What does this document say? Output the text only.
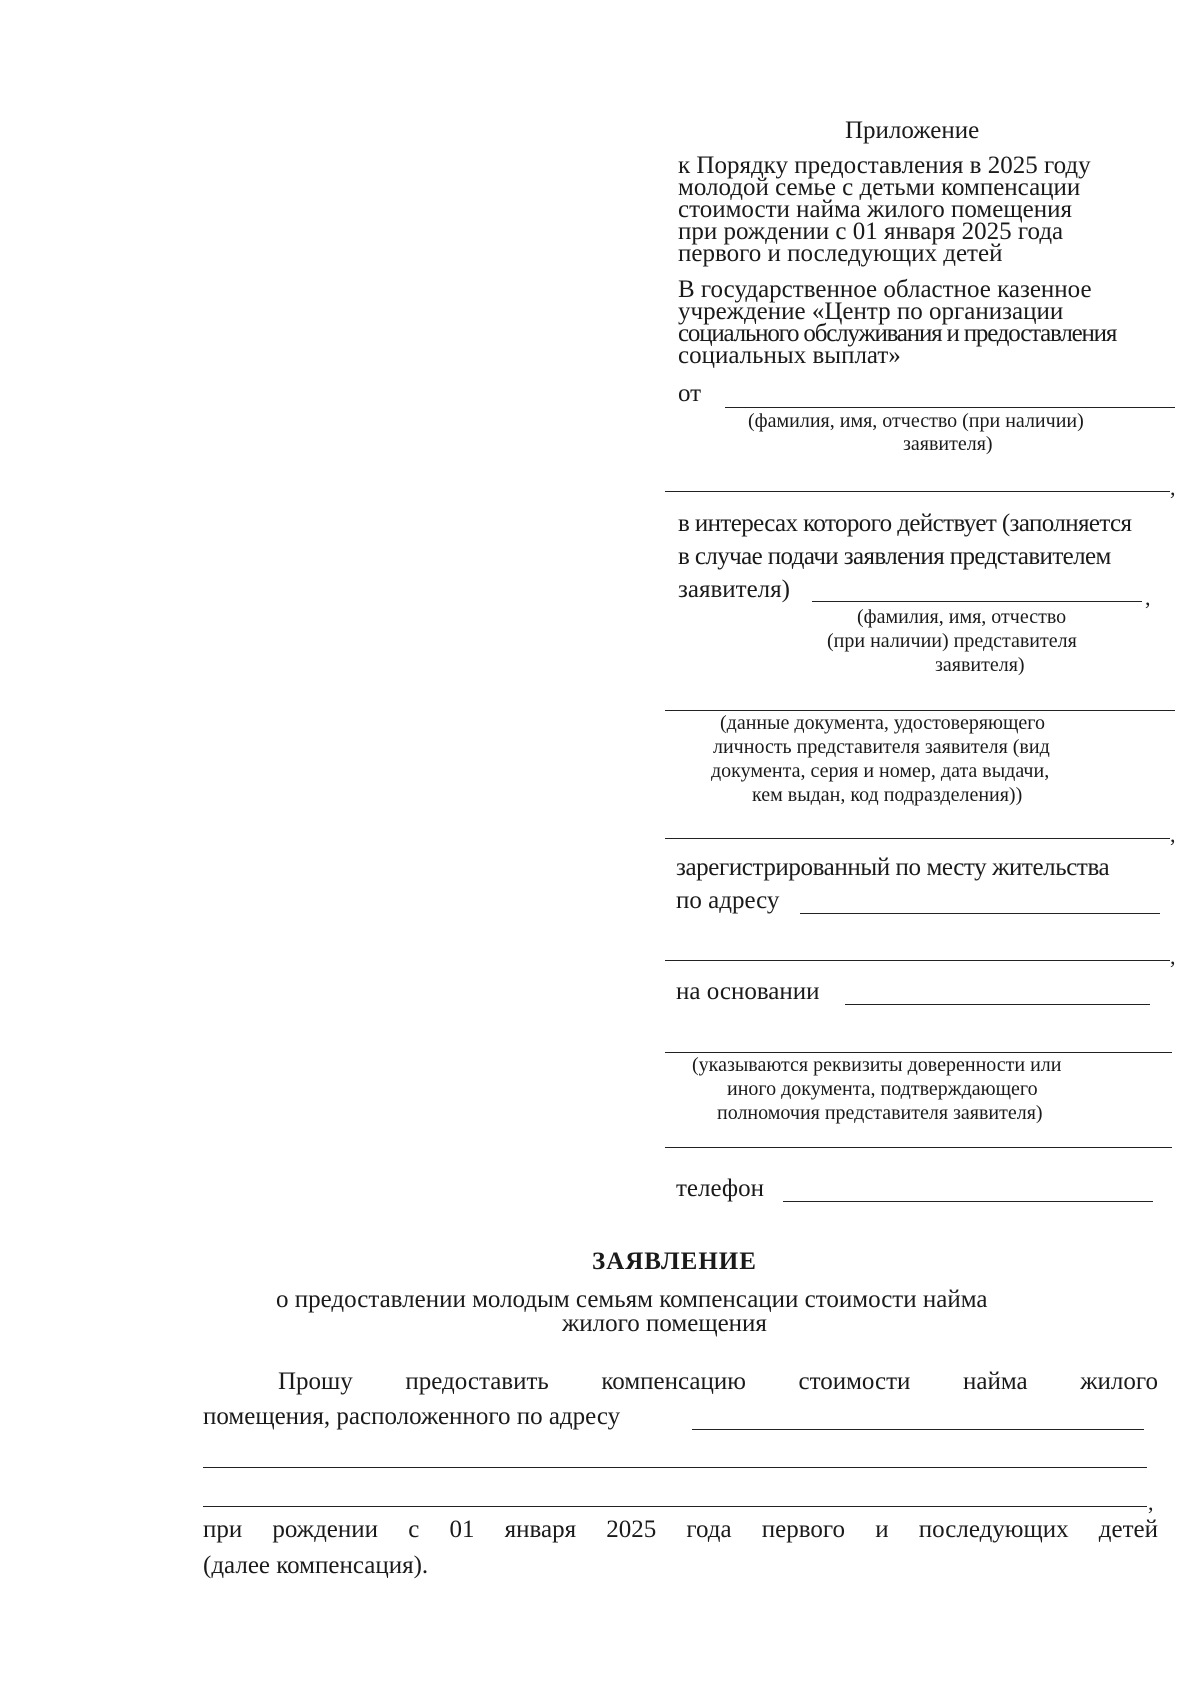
Приложение
к Порядку предоставления в 2025 году
молодой семье с детьми компенсации
стоимости найма жилого помещения
при рождении с 01 января 2025 года
первого и последующих детей
В государственное областное казенное
учреждение «Центр по организации
социального обслуживания и предоставления
социальных выплат»
от
(фамилия, имя, отчество (при наличии)
заявителя)
,
в интересах которого действует (заполняется
в случае подачи заявления представителем
заявителя)	,
(фамилия, имя, отчество
(при наличии) представителя
заявителя)
(данные документа, удостоверяющего
личность представителя заявителя (вид
документа, серия и номер, дата выдачи,
кем выдан, код подразделения))
,
зарегистрированный по месту жительства
по адресу
,
на основании
(указываются реквизиты доверенности или
иного документа, подтверждающего
полномочия представителя заявителя)
телефон
ЗАЯВЛЕНИЕ
о предоставлении молодым семьям компенсации стоимости найма
жилого помещения

Прошу предоставить компенсацию стоимости найма жилого

помещения, расположенного по адресу
,

при рождении с 01 января 2025 года первого и последующих детей

(далее компенсация).
